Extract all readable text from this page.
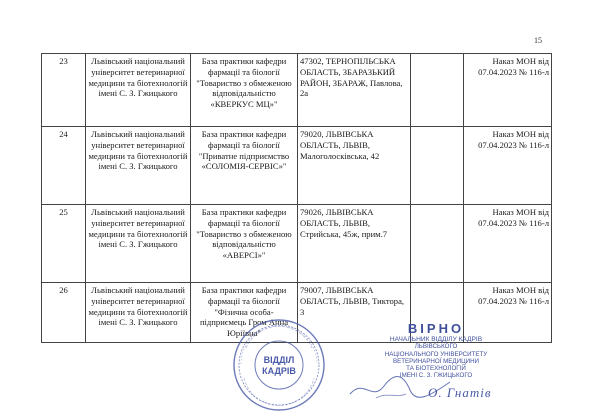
15
23	Львівський національний університет ветеринарної медицини та біотехнологій імені С. З. Гжицького	База практики кафедри фармації та біології "Товариство з обмеженою відповідальністю «КВЕРКУС МЦ»"	47302, ТЕРНОПІЛЬСЬКА ОБЛАСТЬ, ЗБАРАЗЬКИЙ РАЙОН, ЗБАРАЖ, Павлова, 2а		Наказ МОН від 07.04.2023 № 116-л
24	Львівський національний університет ветеринарної медицини та біотехнологій імені С. З. Гжицького	База практики кафедри фармації та біології "Приватне підприємство «СОЛОМІЯ-СЕРВІС»"	79020, ЛЬВІВСЬКА ОБЛАСТЬ, ЛЬВІВ, Малоголосківська, 42		Наказ МОН від 07.04.2023 № 116-л
25	Львівський національний університет ветеринарної медицини та біотехнологій імені С. З. Гжицького	База практики кафедри фармації та біології "Товариство з обмеженою відповідальністю «АВЕРСІ»"	79026, ЛЬВІВСЬКА ОБЛАСТЬ, ЛЬВІВ, Стрийська, 45ж, прим.7		Наказ МОН від 07.04.2023 № 116-л
26	Львівський національний університет ветеринарної медицини та біотехнологій імені С. З. Гжицького	База практики кафедри фармації та біології "Фізична особа-підприємець Гром Анна Юріївна"	79007, ЛЬВІВСЬКА ОБЛАСТЬ, ЛЬВІВ, Тиктора, 3		Наказ МОН від 07.04.2023 № 116-л
ВІДДІЛ
КАДРІВ
ВІРНО
НАЧАЛЬНИК ВІДДІЛУ КАДРІВ
ЛЬВІВСЬКОГО
НАЦІОНАЛЬНОГО УНІВЕРСИТЕТУ
ВЕТЕРИНАРНОЇ МЕДИЦИНИ
ТА БІОТЕХНОЛОГІЙ
ІМЕНІ С. З. ГЖИЦЬКОГО
О. Гнатів
